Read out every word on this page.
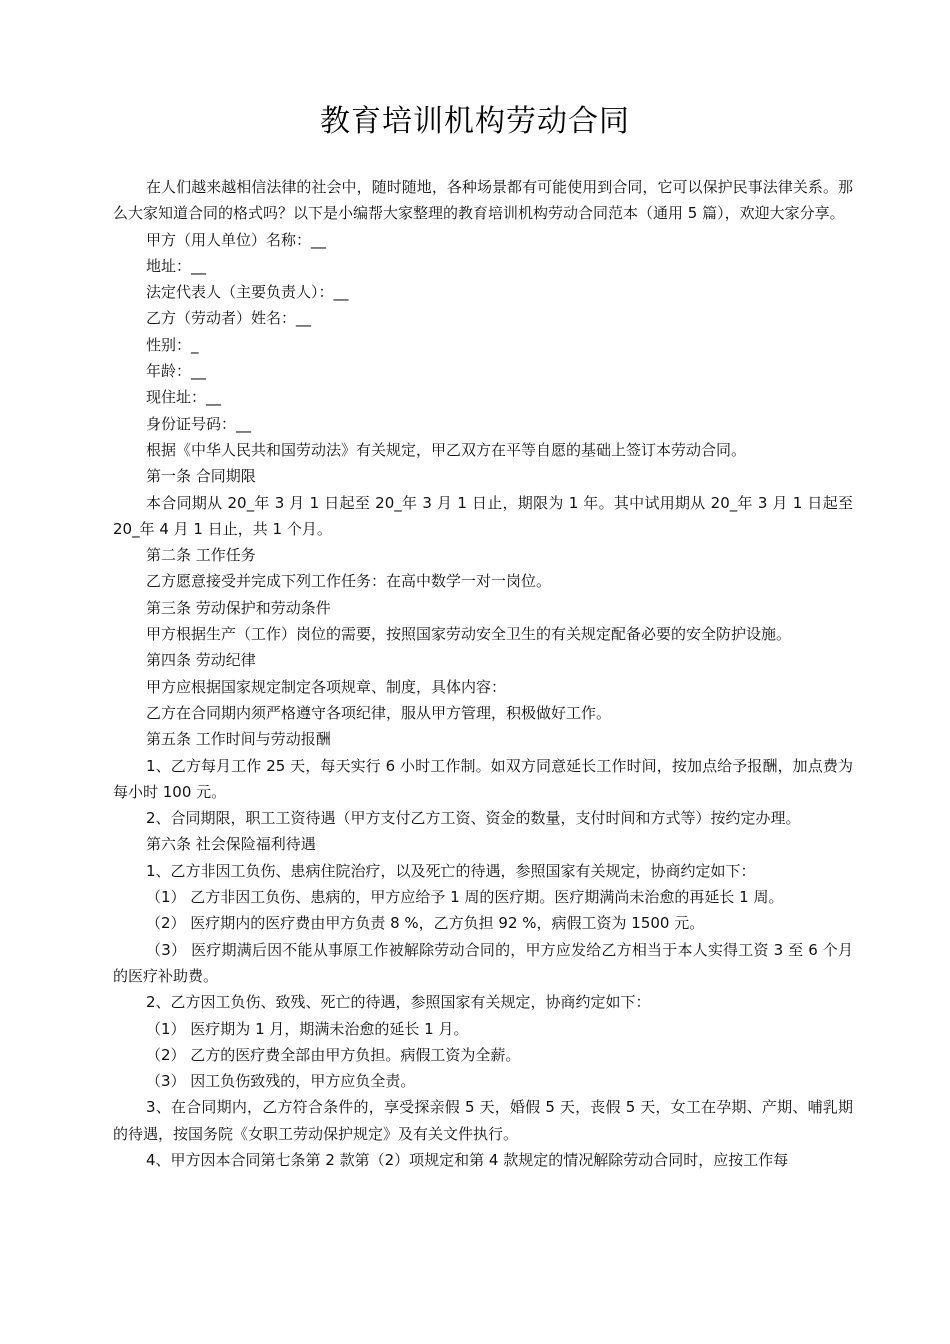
教育培训机构劳动合同

在人们越来越相信法律的社会中，随时随地，各种场景都有可能使用到合同，它可以保护民事法律关系。那么大家知道合同的格式吗？以下是小编帮大家整理的教育培训机构劳动合同范本（通用 5 篇），欢迎大家分享。

甲方（用人单位）名称：__

地址：__

法定代表人（主要负责人）：__

乙方（劳动者）姓名：__

性别：_

年龄：__

现住址：__

身份证号码：__

根据《中华人民共和国劳动法》有关规定，甲乙双方在平等自愿的基础上签订本劳动合同。

第一条 合同期限

本合同期从 20_年 3 月 1 日起至 20_年 3 月 1 日止，期限为 1 年。其中试用期从 20_年 3 月 1 日起至 20_年 4 月 1 日止，共 1 个月。

第二条 工作任务

乙方愿意接受并完成下列工作任务：在高中数学一对一岗位。

第三条 劳动保护和劳动条件

甲方根据生产（工作）岗位的需要，按照国家劳动安全卫生的有关规定配备必要的安全防护设施。

第四条 劳动纪律

甲方应根据国家规定制定各项规章、制度，具体内容：

乙方在合同期内须严格遵守各项纪律，服从甲方管理，积极做好工作。

第五条 工作时间与劳动报酬

1、乙方每月工作 25 天，每天实行 6 小时工作制。如双方同意延长工作时间，按加点给予报酬，加点费为每小时 100 元。

2、合同期限，职工工资待遇（甲方支付乙方工资、资金的数量，支付时间和方式等）按约定办理。

第六条 社会保险福利待遇

1、乙方非因工负伤、患病住院治疗，以及死亡的待遇，参照国家有关规定，协商约定如下：

（1） 乙方非因工负伤、患病的，甲方应给予 1 周的医疗期。医疗期满尚未治愈的再延长 1 周。

（2） 医疗期内的医疗费由甲方负责 8 %，乙方负担 92 %，病假工资为 1500 元。

（3） 医疗期满后因不能从事原工作被解除劳动合同的，甲方应发给乙方相当于本人实得工资 3 至 6 个月的医疗补助费。

2、乙方因工负伤、致残、死亡的待遇，参照国家有关规定，协商约定如下：

（1） 医疗期为 1 月，期满未治愈的延长 1 月。

（2） 乙方的医疗费全部由甲方负担。病假工资为全薪。

（3） 因工负伤致残的，甲方应负全责。

3、在合同期内，乙方符合条件的，享受探亲假 5 天，婚假 5 天，丧假 5 天，女工在孕期、产期、哺乳期的待遇，按国务院《女职工劳动保护规定》及有关文件执行。

4、甲方因本合同第七条第 2 款第（2）项规定和第 4 款规定的情况解除劳动合同时，应按工作每
